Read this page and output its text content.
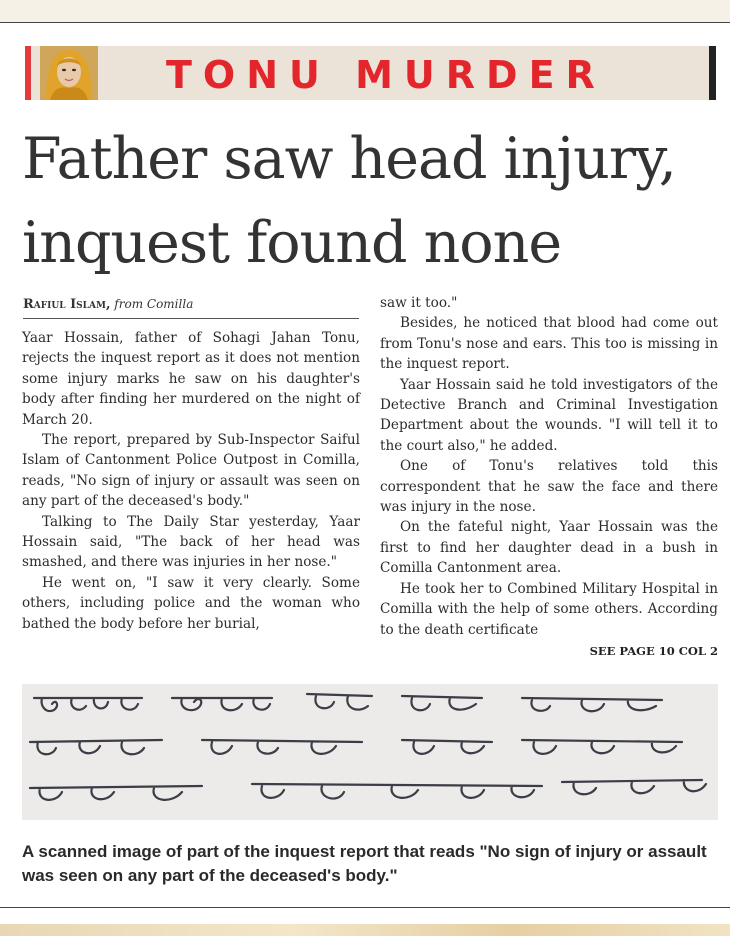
TONU MURDER
Father saw head injury,
inquest found none
Rafiul Islam, from Comilla

Yaar Hossain, father of Sohagi Jahan Tonu, rejects the inquest report as it does not mention some injury marks he saw on his daughter's body after finding her murdered on the night of March 20.

The report, prepared by Sub-Inspector Saiful Islam of Cantonment Police Outpost in Comilla, reads, "No sign of injury or assault was seen on any part of the deceased's body."

Talking to The Daily Star yesterday, Yaar Hossain said, "The back of her head was smashed, and there was injuries in her nose."

He went on, "I saw it very clearly. Some others, including police and the woman who bathed the body before her burial,

saw it too."

Besides, he noticed that blood had come out from Tonu's nose and ears. This too is missing in the inquest report.

Yaar Hossain said he told investigators of the Detective Branch and Criminal Investigation Department about the wounds. "I will tell it to the court also," he added.

One of Tonu's relatives told this correspondent that he saw the face and there was injury in the nose.

On the fateful night, Yaar Hossain was the first to find her daughter dead in a bush in Comilla Cantonment area.

He took her to Combined Military Hospital in Comilla with the help of some others. According to the death certificate

SEE PAGE 10 COL 2
A scanned image of part of the inquest report that reads "No sign of injury or assault was seen on any part of the deceased's body."
